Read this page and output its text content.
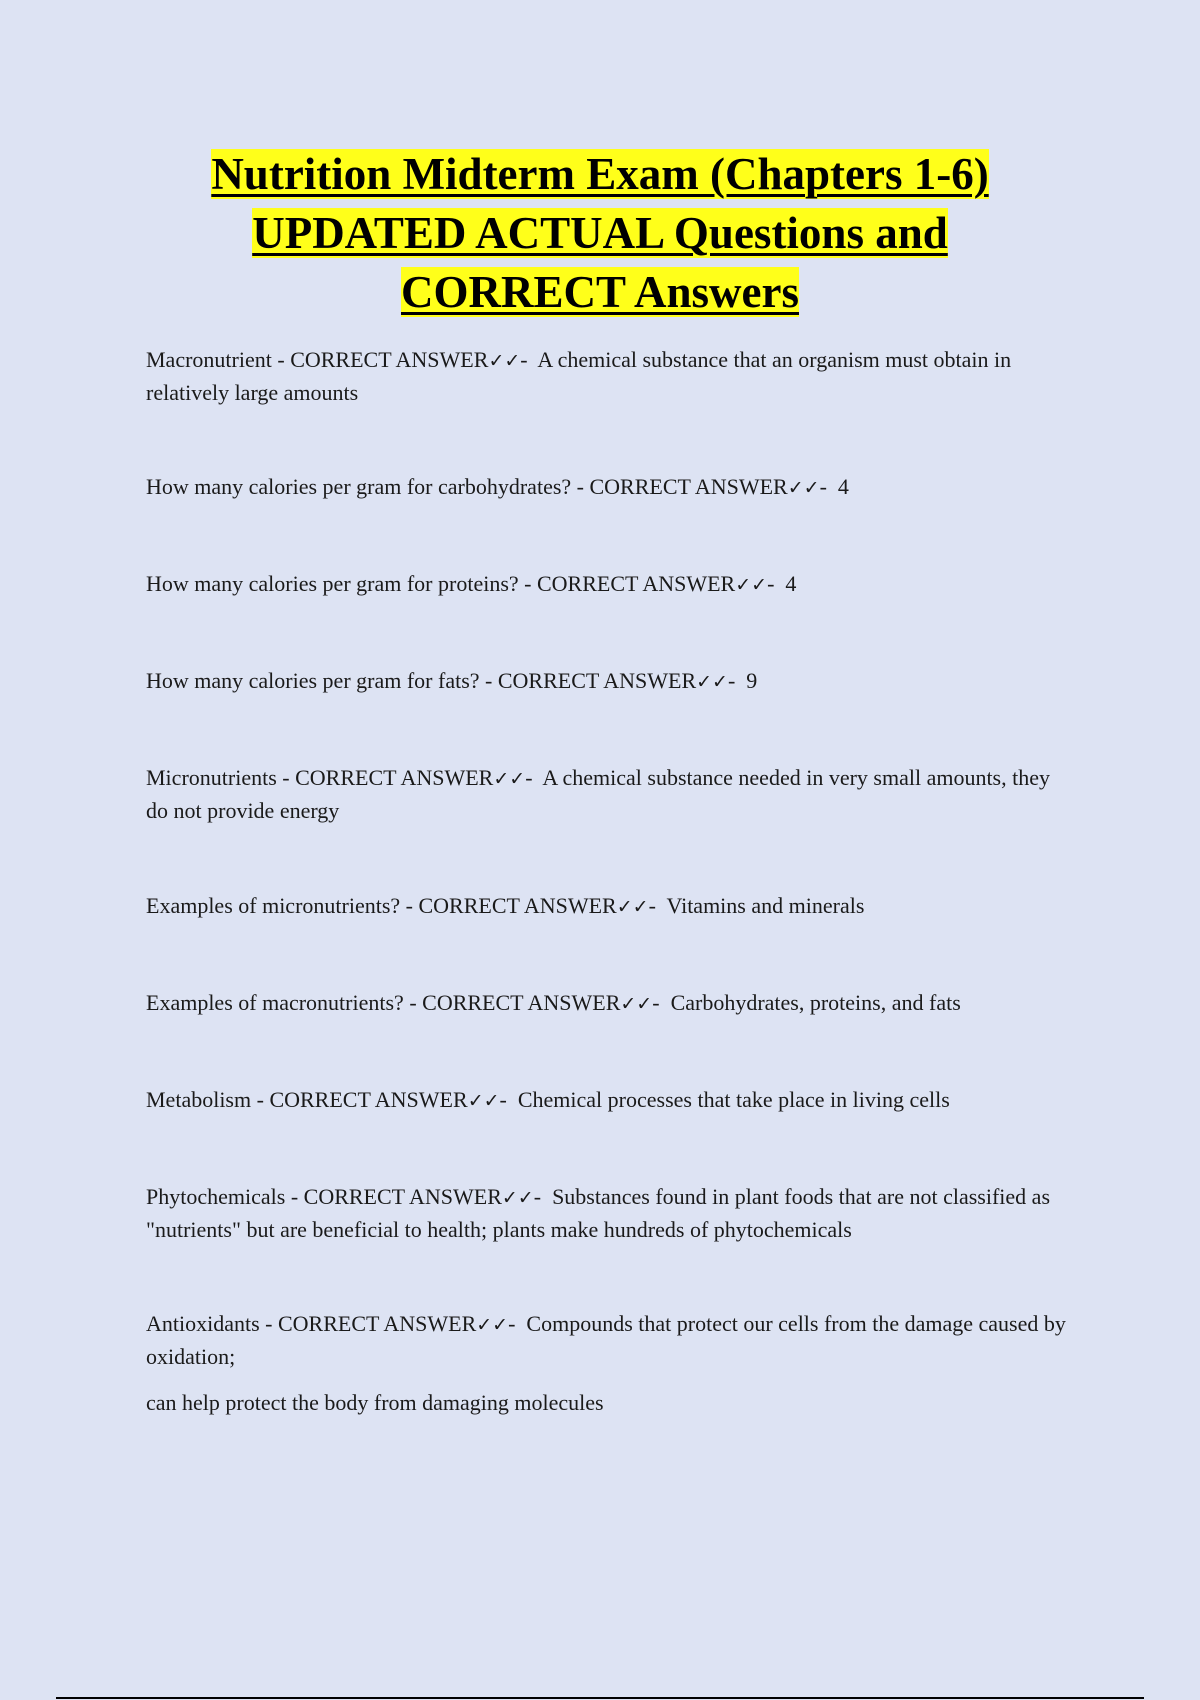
Nutrition Midterm Exam (Chapters 1-6)
UPDATED ACTUAL Questions and
CORRECT Answers
Macronutrient - CORRECT ANSWER✓✓-  A chemical substance that an organism must obtain in relatively large amounts
How many calories per gram for carbohydrates? - CORRECT ANSWER✓✓-  4
How many calories per gram for proteins? - CORRECT ANSWER✓✓-  4
How many calories per gram for fats? - CORRECT ANSWER✓✓-  9
Micronutrients - CORRECT ANSWER✓✓-  A chemical substance needed in very small amounts, they do not provide energy
Examples of micronutrients? - CORRECT ANSWER✓✓-  Vitamins and minerals
Examples of macronutrients? - CORRECT ANSWER✓✓-  Carbohydrates, proteins, and fats
Metabolism - CORRECT ANSWER✓✓-  Chemical processes that take place in living cells
Phytochemicals - CORRECT ANSWER✓✓-  Substances found in plant foods that are not classified as "nutrients" but are beneficial to health; plants make hundreds of phytochemicals
Antioxidants - CORRECT ANSWER✓✓-  Compounds that protect our cells from the damage caused by oxidation;
can help protect the body from damaging molecules
